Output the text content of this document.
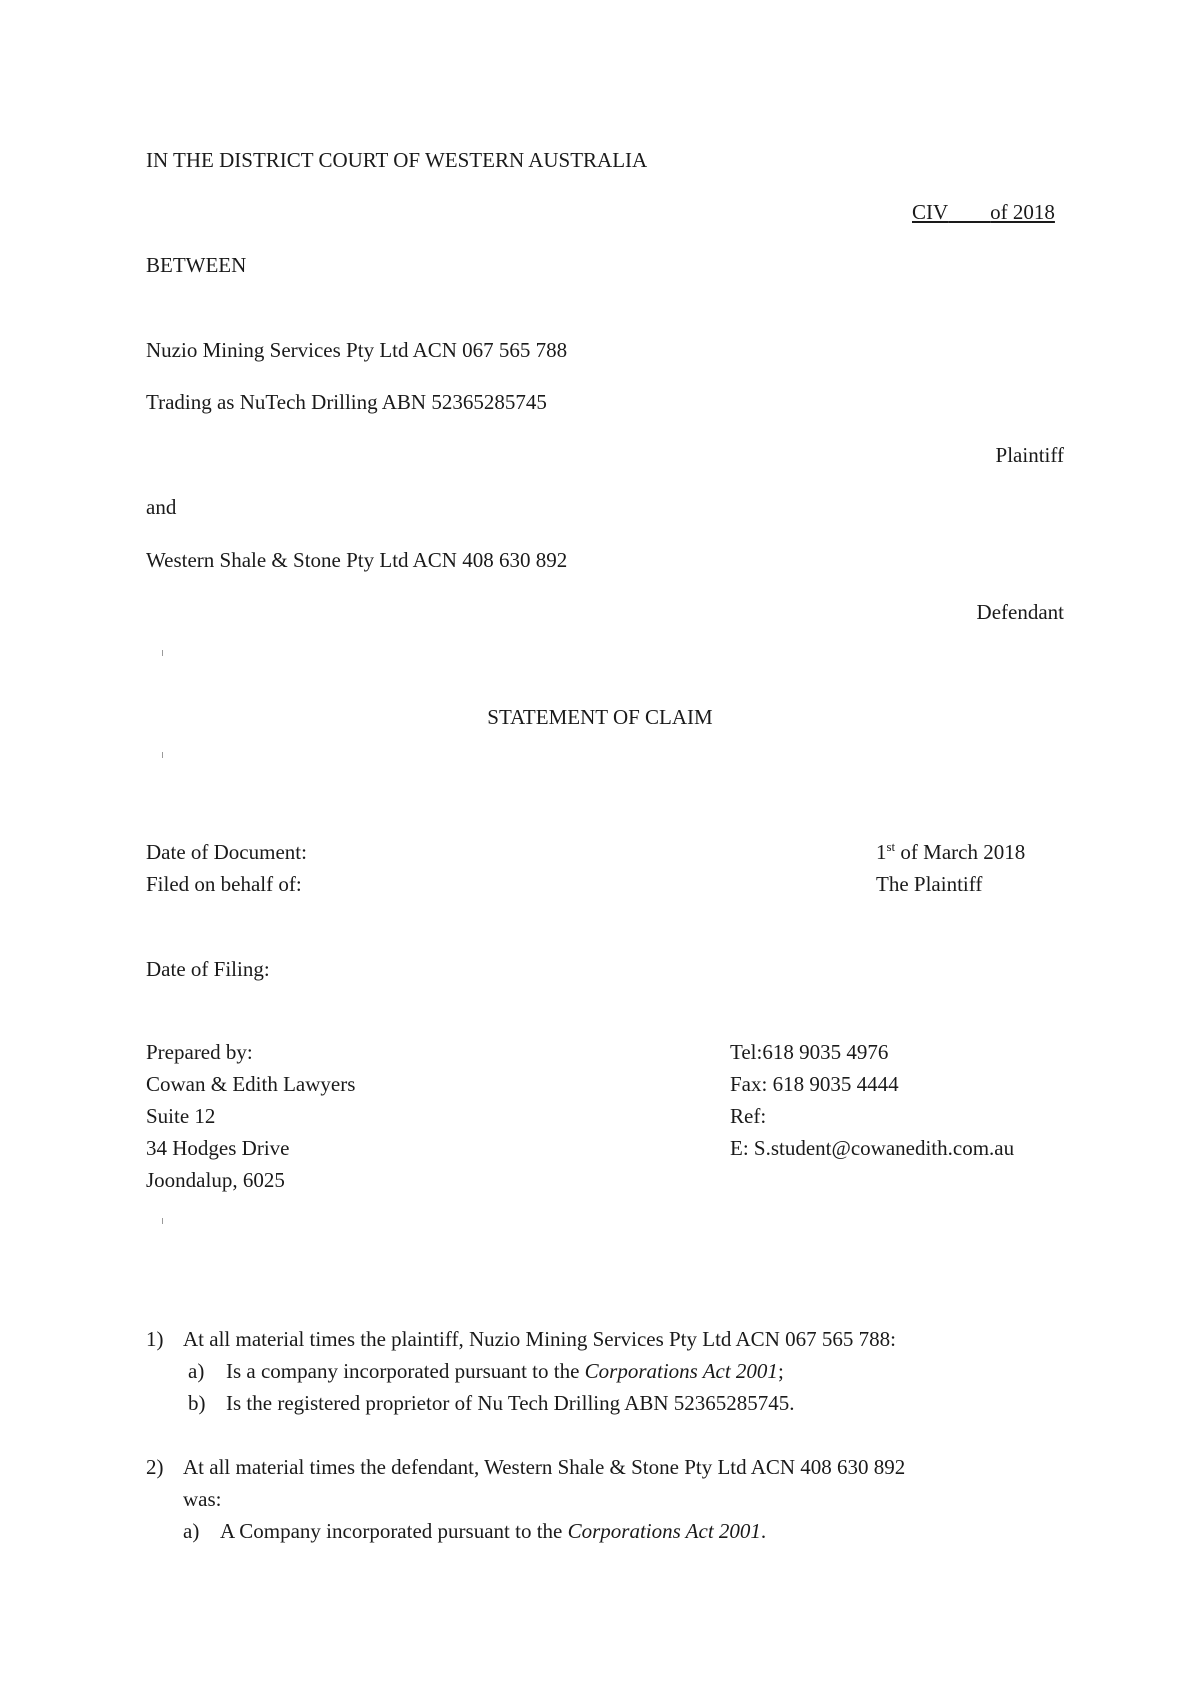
IN THE DISTRICT COURT OF WESTERN AUSTRALIA

CIV of 2018

BETWEEN

Nuzio Mining Services Pty Ltd ACN 067 565 788

Trading as NuTech Drilling ABN 52365285745

Plaintiff

and

Western Shale & Stone Pty Ltd ACN 408 630 892

Defendant

STATEMENT OF CLAIM

Date of Document:	1st of March 2018

Filed on behalf of:	The Plaintiff

Date of Filing:

Prepared by:
Cowan & Edith Lawyers
Suite 12
34 Hodges Drive
Joondalup, 6025
Tel:618 9035 4976
Fax: 618 9035 4444
Ref:
E: S.student@cowanedith.com.au
1) At all material times the plaintiff, Nuzio Mining Services Pty Ltd ACN 067 565 788:

a) Is a company incorporated pursuant to the Corporations Act 2001;

b) Is the registered proprietor of Nu Tech Drilling ABN 52365285745.

2) At all material times the defendant, Western Shale & Stone Pty Ltd ACN 408 630 892

was:

a) A Company incorporated pursuant to the Corporations Act 2001.
